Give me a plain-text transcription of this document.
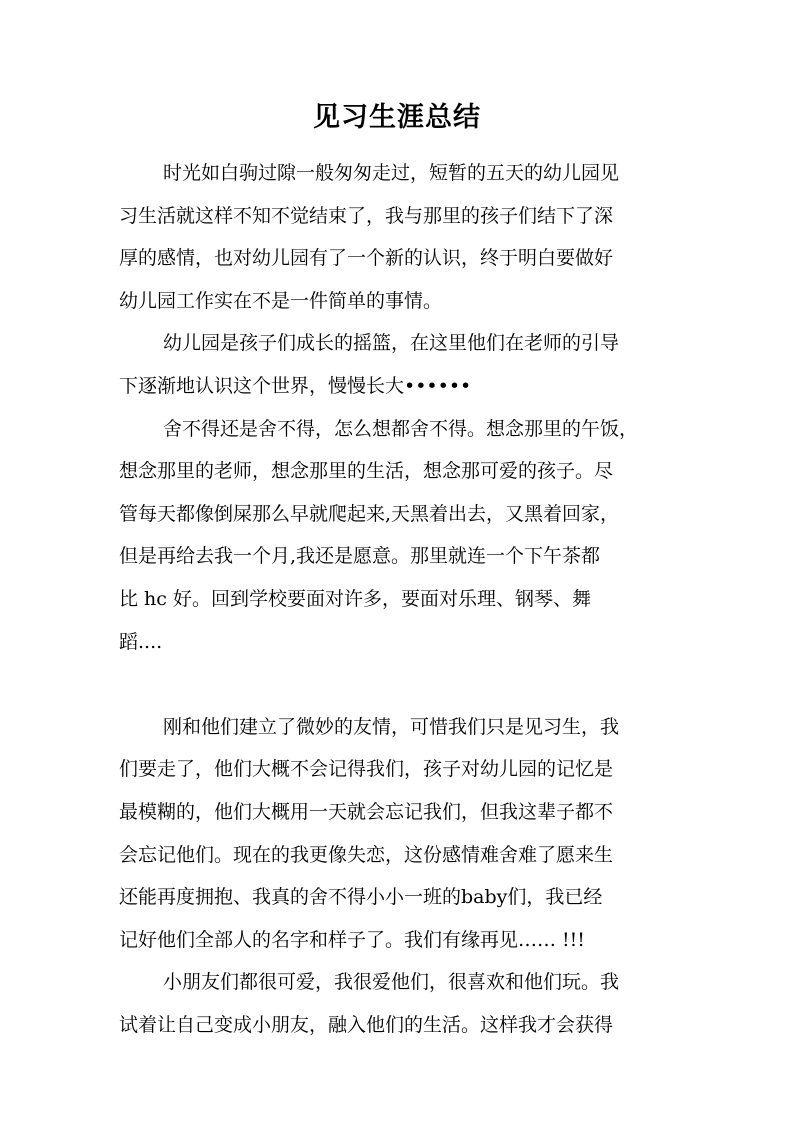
见习生涯总结
时光如白驹过隙一般匆匆走过，短暂的五天的幼儿园见
习生活就这样不知不觉结束了，我与那里的孩子们结下了深
厚的感情，也对幼儿园有了一个新的认识，终于明白要做好
幼儿园工作实在不是一件简单的事情。
幼儿园是孩子们成长的摇篮，在这里他们在老师的引导
下逐渐地认识这个世界，慢慢长大••••••
舍不得还是舍不得，怎么想都舍不得。想念那里的午饭，
想念那里的老师，想念那里的生活，想念那可爱的孩子。尽
管每天都像倒屎那么早就爬起来,天黑着出去，又黑着回家，
但是再给去我一个月,我还是愿意。那里就连一个下午茶都
比 hc 好。回到学校要面对许多，要面对乐理、钢琴、舞
蹈....
刚和他们建立了微妙的友情，可惜我们只是见习生，我
们要走了，他们大概不会记得我们，孩子对幼儿园的记忆是
最模糊的，他们大概用一天就会忘记我们，但我这辈子都不
会忘记他们。现在的我更像失恋，这份感情难舍难了愿来生
还能再度拥抱、我真的舍不得小小一班的baby们，我已经
记好他们全部人的名字和样子了。我们有缘再见…… !!!
小朋友们都很可爱，我很爱他们，很喜欢和他们玩。我
试着让自己变成小朋友，融入他们的生活。这样我才会获得
